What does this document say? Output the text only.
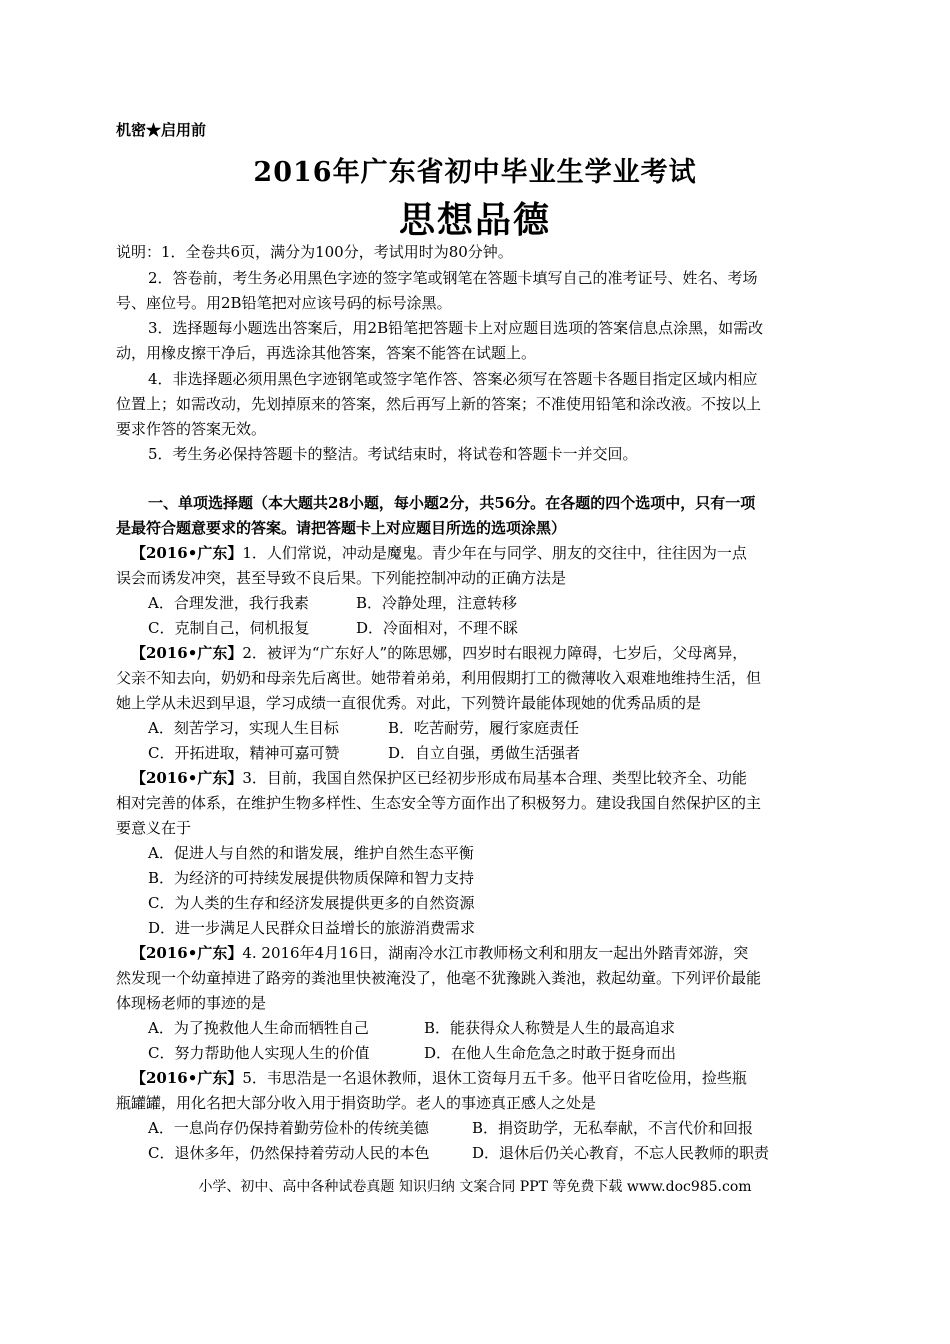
机密★启用前
2016年广东省初中毕业生学业考试
思想品德
说明：1．全卷共6页，满分为100分，考试用时为80分钟。
2．答卷前，考生务必用黑色字迹的签字笔或钢笔在答题卡填写自己的准考证号、姓名、考场
号、座位号。用2B铅笔把对应该号码的标号涂黑。
3．选择题每小题选出答案后，用2B铅笔把答题卡上对应题目选项的答案信息点涂黑，如需改
动，用橡皮擦干净后，再选涂其他答案，答案不能答在试题上。
4．非选择题必须用黑色字迹钢笔或签字笔作答、答案必须写在答题卡各题目指定区域内相应
位置上；如需改动，先划掉原来的答案，然后再写上新的答案；不准使用铅笔和涂改液。不按以上
要求作答的答案无效。
5．考生务必保持答题卡的整洁。考试结束时，将试卷和答题卡一并交回。
一、单项选择题（本大题共28小题，每小题2分，共56分。在各题的四个选项中，只有一项
是最符合题意要求的答案。请把答题卡上对应题目所选的选项涂黑）
【2016•广东】1．人们常说，冲动是魔鬼。青少年在与同学、朋友的交往中，往往因为一点
误会而诱发冲突，甚至导致不良后果。下列能控制冲动的正确方法是
A．合理发泄，我行我素	B．冷静处理，注意转移
C．克制自己，伺机报复	D．冷面相对，不理不睬
【2016•广东】2．被评为“广东好人”的陈思娜，四岁时右眼视力障碍，七岁后，父母离异，
父亲不知去向，奶奶和母亲先后离世。她带着弟弟，利用假期打工的微薄收入艰难地维持生活，但
她上学从未迟到早退，学习成绩一直很优秀。对此，下列赞许最能体现她的优秀品质的是
A．刻苦学习，实现人生目标	B．吃苦耐劳，履行家庭责任
C．开拓进取，精神可嘉可赞	D．自立自强，勇做生活强者
【2016•广东】3．目前，我国自然保护区已经初步形成布局基本合理、类型比较齐全、功能
相对完善的体系，在维护生物多样性、生态安全等方面作出了积极努力。建设我国自然保护区的主
要意义在于
A．促进人与自然的和谐发展，维护自然生态平衡
B．为经济的可持续发展提供物质保障和智力支持
C．为人类的生存和经济发展提供更多的自然资源
D．进一步满足人民群众日益增长的旅游消费需求
【2016•广东】4. 2016年4月16日，湖南冷水江市教师杨文利和朋友一起出外踏青郊游，突
然发现一个幼童掉进了路旁的粪池里快被淹没了，他毫不犹豫跳入粪池，救起幼童。下列评价最能
体现杨老师的事迹的是
A．为了挽救他人生命而牺牲自己	B．能获得众人称赞是人生的最高追求
C．努力帮助他人实现人生的价值	D．在他人生命危急之时敢于挺身而出
【2016•广东】5．韦思浩是一名退休教师，退休工资每月五千多。他平日省吃俭用，捡些瓶
瓶罐罐，用化名把大部分收入用于捐资助学。老人的事迹真正感人之处是
A．一息尚存仍保持着勤劳俭朴的传统美德	B．捐资助学，无私奉献，不言代价和回报
C．退休多年，仍然保持着劳动人民的本色	D．退休后仍关心教育，不忘人民教师的职责
小学、初中、高中各种试卷真题 知识归纳 文案合同 PPT 等免费下载 www.doc985.com
